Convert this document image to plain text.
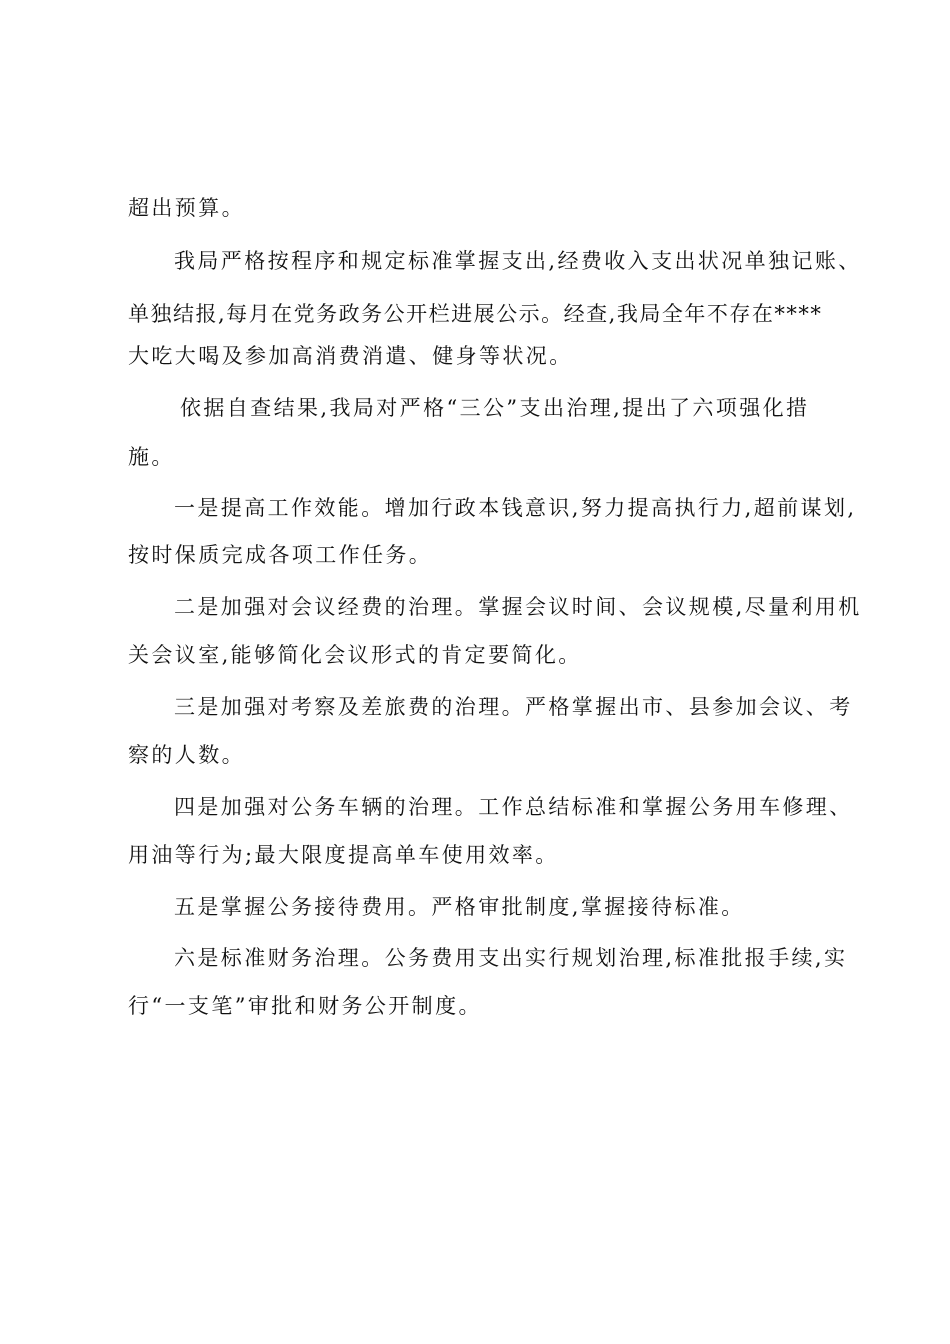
超出预算。
我局严格按程序和规定标准掌握支出,经费收入支出状况单独记账、
单独结报,每月在党务政务公开栏进展公示。经查,我局全年不存在****
大吃大喝及参加高消费消遣、健身等状况。
依据自查结果,我局对严格“三公”支出治理,提出了六项强化措
施。
一是提高工作效能。增加行政本钱意识,努力提高执行力,超前谋划,
按时保质完成各项工作任务。
二是加强对会议经费的治理。掌握会议时间、会议规模,尽量利用机
关会议室,能够简化会议形式的肯定要简化。
三是加强对考察及差旅费的治理。严格掌握出市、县参加会议、考
察的人数。
四是加强对公务车辆的治理。工作总结标准和掌握公务用车修理、
用油等行为;最大限度提高单车使用效率。
五是掌握公务接待费用。严格审批制度,掌握接待标准。
六是标准财务治理。公务费用支出实行规划治理,标准批报手续,实
行“一支笔”审批和财务公开制度。
